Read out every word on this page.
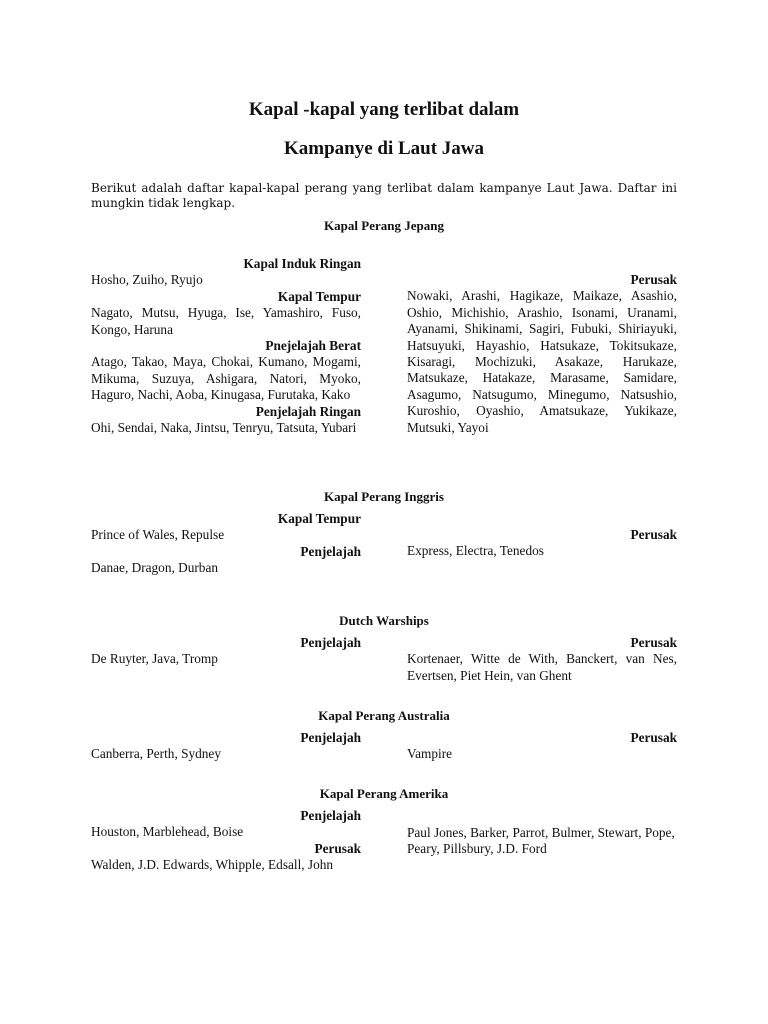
Kapal -kapal yang terlibat dalam
Kampanye di Laut Jawa
Berikut adalah daftar kapal-kapal perang yang terlibat dalam kampanye Laut Jawa. Daftar ini mungkin tidak lengkap.
Kapal Perang Jepang
Kapal Induk Ringan
Hosho, Zuiho, Ryujo
Kapal Tempur
Nagato, Mutsu, Hyuga, Ise, Yamashiro, Fuso, Kongo, Haruna
Pnejelajah Berat
Atago, Takao, Maya, Chokai, Kumano, Mogami, Mikuma, Suzuya, Ashigara, Natori, Myoko, Haguro, Nachi, Aoba, Kinugasa, Furutaka, Kako
Penjelajah Ringan
Ohi, Sendai, Naka, Jintsu, Tenryu, Tatsuta, Yubari
Perusak
Nowaki, Arashi, Hagikaze, Maikaze, Asashio, Oshio, Michishio, Arashio, Isonami, Uranami, Ayanami, Shikinami, Sagiri, Fubuki, Shiriayuki, Hatsuyuki, Hayashio, Hatsukaze, Tokitsukaze, Kisaragi, Mochizuki, Asakaze, Harukaze, Matsukaze, Hatakaze, Marasame, Samidare, Asagumo, Natsugumo, Minegumo, Natsushio, Kuroshio, Oyashio, Amatsukaze, Yukikaze, Mutsuki, Yayoi
Kapal Perang Inggris
Kapal Tempur
Prince of Wales, Repulse
Penjelajah
Danae, Dragon, Durban
Perusak
Express, Electra, Tenedos
Dutch Warships
Penjelajah
De Ruyter, Java, Tromp
Perusak
Kortenaer, Witte de With, Banckert, van Nes, Evertsen, Piet Hein, van Ghent
Kapal Perang Australia
Penjelajah
Canberra, Perth, Sydney
Perusak
Vampire
Kapal Perang Amerika
Penjelajah
Houston, Marblehead, Boise
Perusak
Walden, J.D. Edwards, Whipple, Edsall, John
Paul Jones, Barker, Parrot, Bulmer, Stewart, Pope, Peary, Pillsbury, J.D. Ford
